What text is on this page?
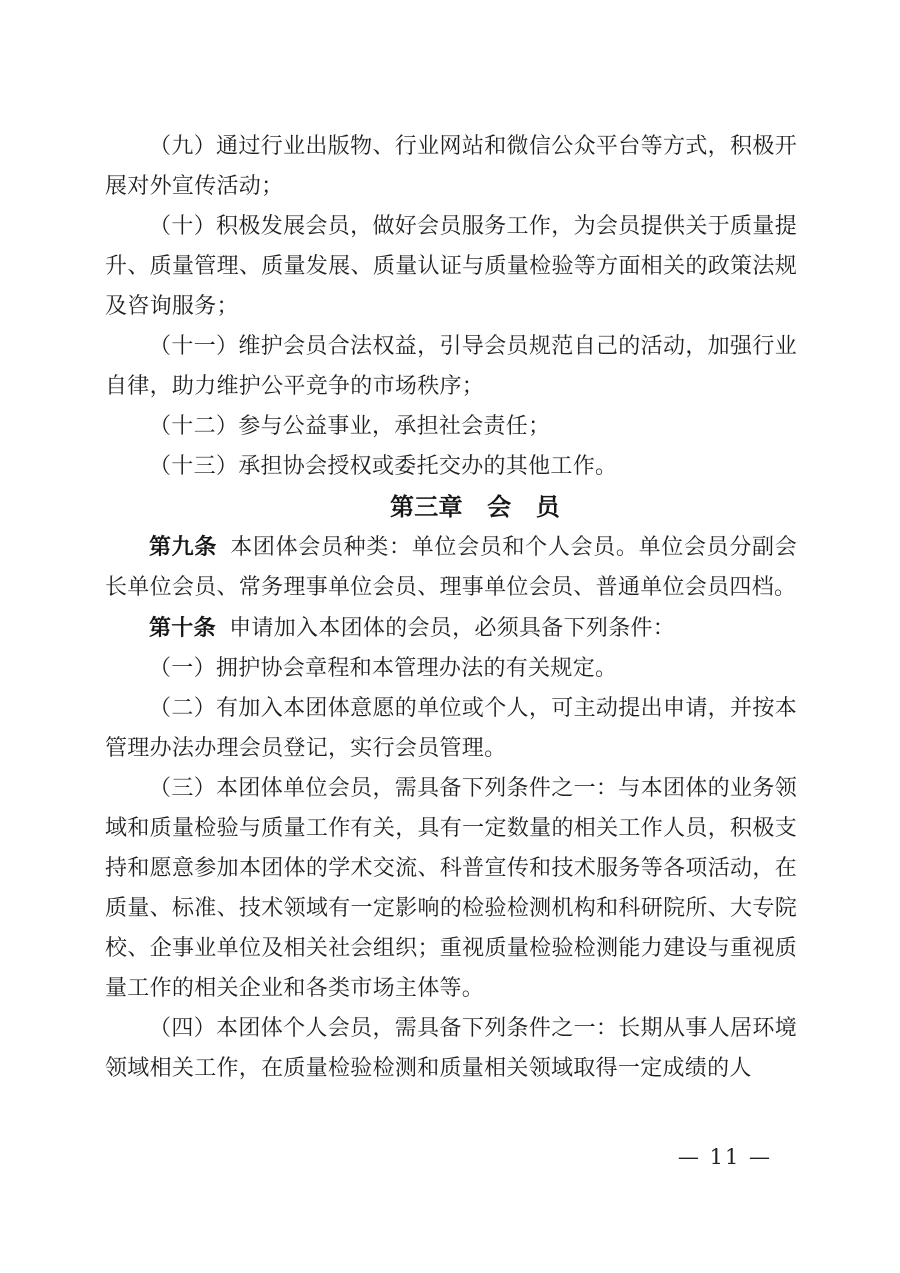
（九）通过行业出版物、行业网站和微信公众平台等方式，积极开展对外宣传活动；

（十）积极发展会员，做好会员服务工作，为会员提供关于质量提升、质量管理、质量发展、质量认证与质量检验等方面相关的政策法规及咨询服务；

（十一）维护会员合法权益，引导会员规范自己的活动，加强行业自律，助力维护公平竞争的市场秩序；

（十二）参与公益事业，承担社会责任；

（十三）承担协会授权或委托交办的其他工作。

第三章　会　员

第九条 本团体会员种类：单位会员和个人会员。单位会员分副会长单位会员、常务理事单位会员、理事单位会员、普通单位会员四档。

第十条 申请加入本团体的会员，必须具备下列条件：

（一）拥护协会章程和本管理办法的有关规定。

（二）有加入本团体意愿的单位或个人，可主动提出申请，并按本管理办法办理会员登记，实行会员管理。

（三）本团体单位会员，需具备下列条件之一：与本团体的业务领域和质量检验与质量工作有关，具有一定数量的相关工作人员，积极支持和愿意参加本团体的学术交流、科普宣传和技术服务等各项活动，在质量、标准、技术领域有一定影响的检验检测机构和科研院所、大专院校、企事业单位及相关社会组织；重视质量检验检测能力建设与重视质量工作的相关企业和各类市场主体等。

（四）本团体个人会员，需具备下列条件之一：长期从事人居环境领域相关工作，在质量检验检测和质量相关领域取得一定成绩的人

— 11 —
